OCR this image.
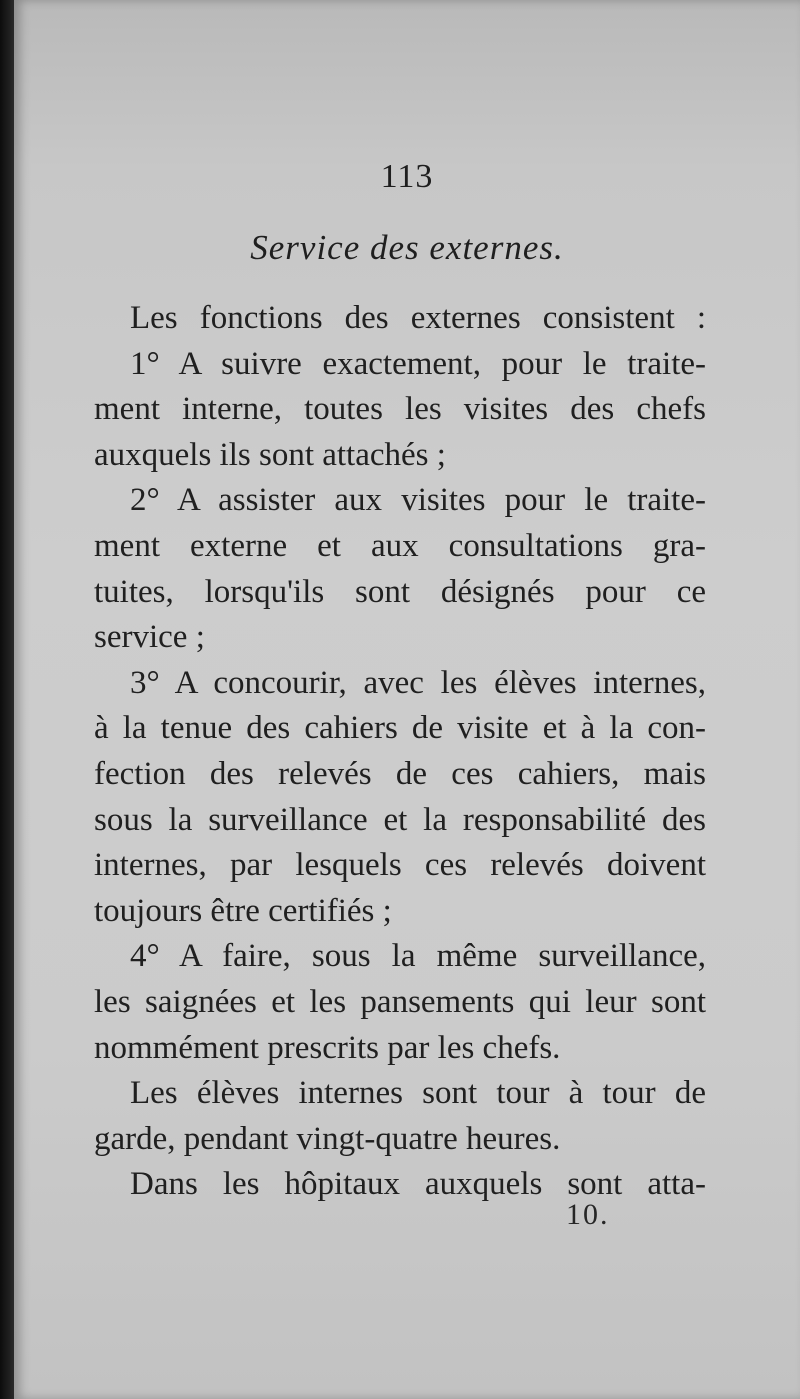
113
Service des externes.
Les fonctions des externes consistent :
1° A suivre exactement, pour le traite-
ment interne, toutes les visites des chefs
auxquels ils sont attachés ;
2° A assister aux visites pour le traite-
ment externe et aux consultations gra-
tuites, lorsqu'ils sont désignés pour ce
service ;
3° A concourir, avec les élèves internes,
à la tenue des cahiers de visite et à la con-
fection des relevés de ces cahiers, mais
sous la surveillance et la responsabilité des
internes, par lesquels ces relevés doivent
toujours être certifiés ;
4° A faire, sous la même surveillance,
les saignées et les pansements qui leur sont
nommément prescrits par les chefs.
Les élèves internes sont tour à tour de
garde, pendant vingt-quatre heures.
Dans les hôpitaux auxquels sont atta-
10.
